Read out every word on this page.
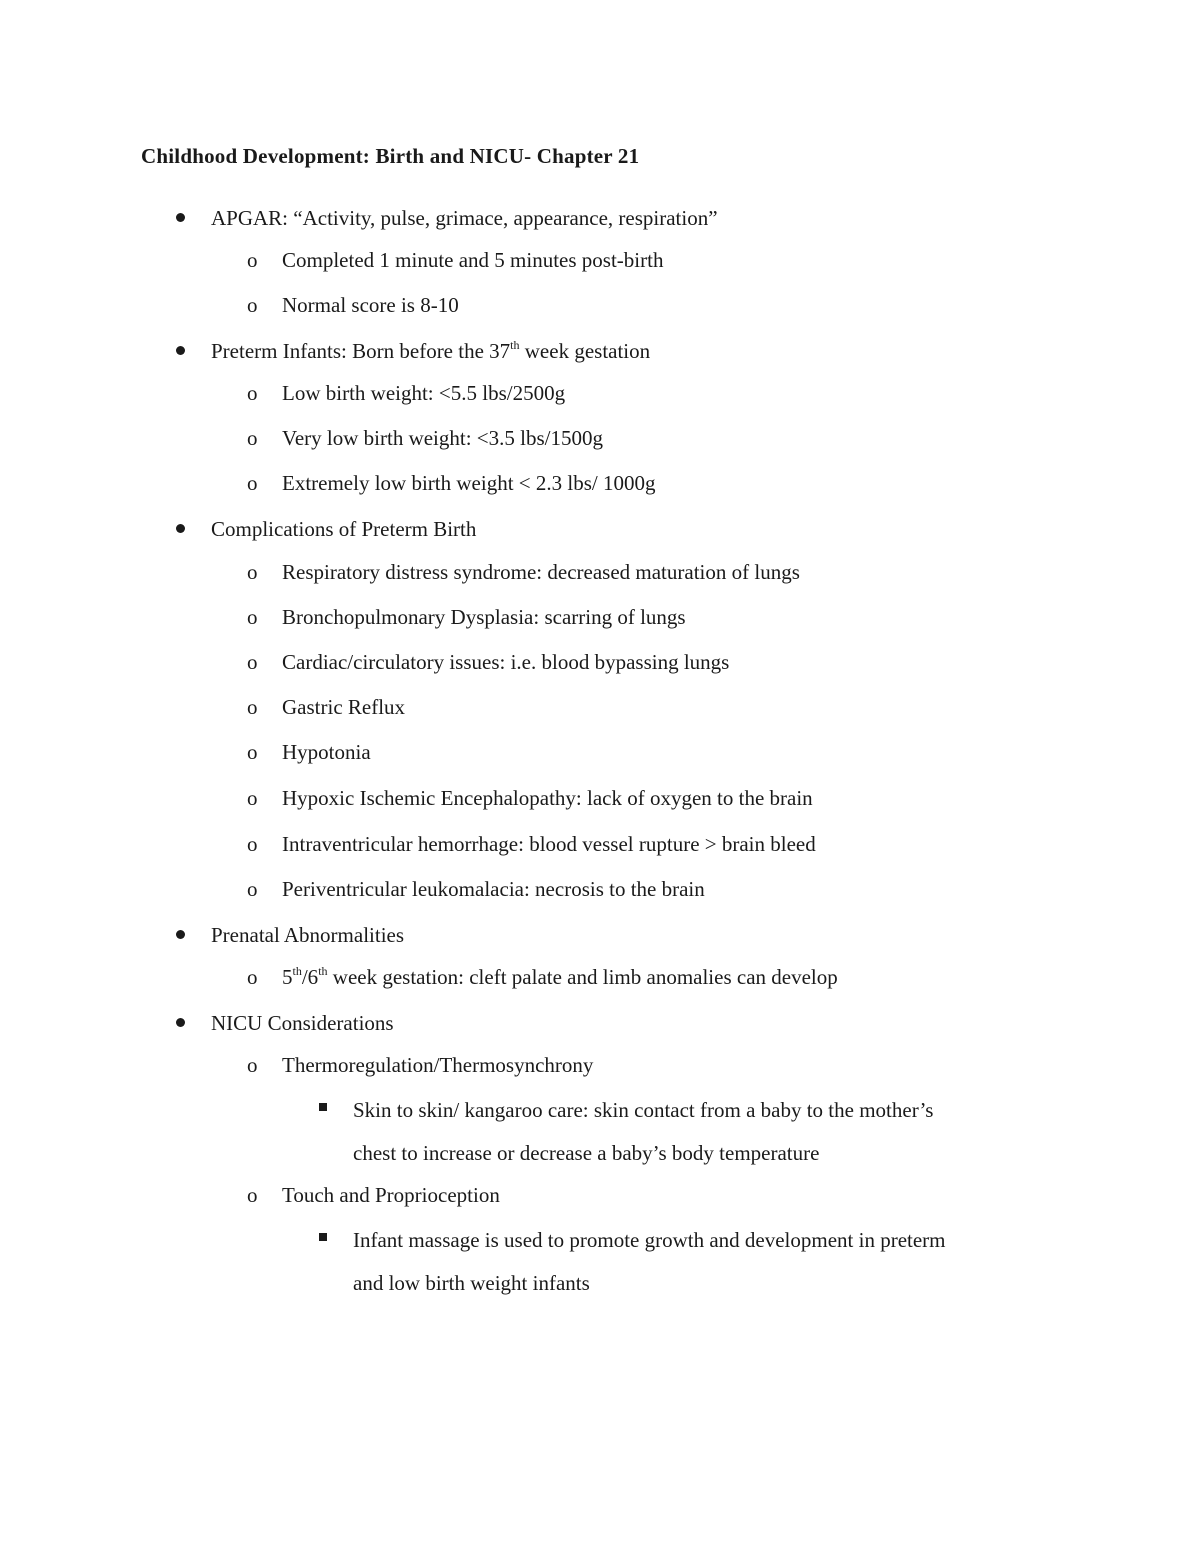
Childhood Development: Birth and NICU- Chapter 21
APGAR: “Activity, pulse, grimace, appearance, respiration”
o Completed 1 minute and 5 minutes post-birth
o Normal score is 8-10
Preterm Infants: Born before the 37th week gestation
o Low birth weight: <5.5 lbs/2500g
o Very low birth weight: <3.5 lbs/1500g
o Extremely low birth weight < 2.3 lbs/ 1000g
Complications of Preterm Birth
o Respiratory distress syndrome: decreased maturation of lungs
o Bronchopulmonary Dysplasia: scarring of lungs
o Cardiac/circulatory issues: i.e. blood bypassing lungs
o Gastric Reflux
o Hypotonia
o Hypoxic Ischemic Encephalopathy: lack of oxygen to the brain
o Intraventricular hemorrhage: blood vessel rupture > brain bleed
o Periventricular leukomalacia: necrosis to the brain
Prenatal Abnormalities
o 5th/6th week gestation: cleft palate and limb anomalies can develop
NICU Considerations
o Thermoregulation/Thermosynchrony
Skin to skin/ kangaroo care: skin contact from a baby to the mother’s
chest to increase or decrease a baby’s body temperature
o Touch and Proprioception
Infant massage is used to promote growth and development in preterm
and low birth weight infants
